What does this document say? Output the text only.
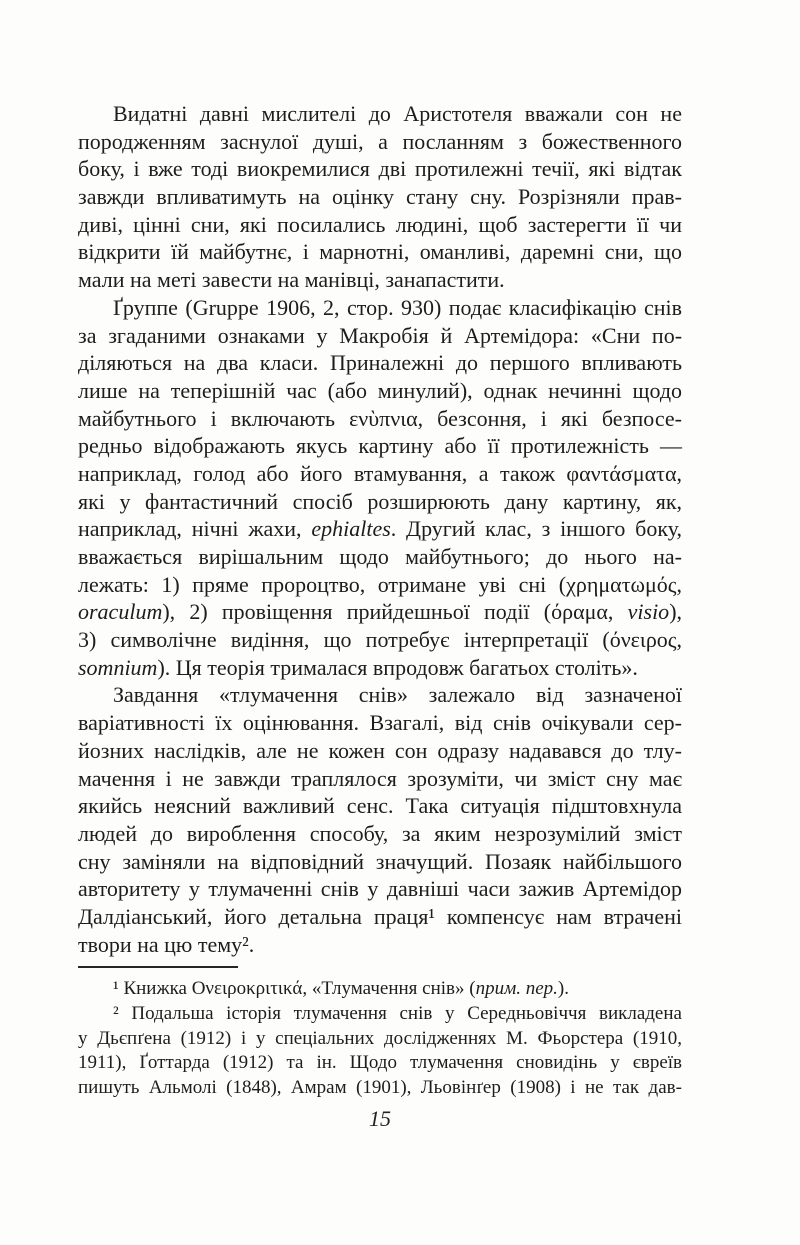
Видатні давні мислителі до Аристотеля вважали сон не
породженням заснулої душі, а посланням з божественного
боку, і вже тоді виокремилися дві протилежні течії, які відтак
завжди впливатимуть на оцінку стану сну. Розрізняли прав-
диві, цінні сни, які посилались людині, щоб застерегти її чи
відкрити їй майбутнє, і марнотні, оманливі, даремні сни, що
мали на меті завести на манівці, занапастити.
Ґруппе (Gruppe 1906, 2, стор. 930) подає класифікацію снів
за згаданими ознаками у Макробія й Артемідора: «Сни по-
діляються на два класи. Приналежні до першого впливають
лише на теперішній час (або минулий), однак нечинні щодо
майбутнього і включають ενὺπνια, безсоння, і які безпосе-
редньо відображають якусь картину або її протилежність —
наприклад, голод або його втамування, а також φαντάσματα,
які у фантастичний спосіб розширюють дану картину, як,
наприклад, нічні жахи, ephialtes. Другий клас, з іншого боку,
вважається вирішальним щодо майбутнього; до нього на-
лежать: 1) пряме пророцтво, отримане уві сні (χρηματωμός,
oraculum), 2) провіщення прийдешньої події (όραμα, visio),
3) символічне видіння, що потребує інтерпретації (όνειρος,
somnium). Ця теорія трималася впродовж багатьох століть».
Завдання «тлумачення снів» залежало від зазначеної
варіативності їх оцінювання. Взагалі, від снів очікували сер-
йозних наслідків, але не кожен сон одразу надавався до тлу-
мачення і не завжди траплялося зрозуміти, чи зміст сну має
якийсь неясний важливий сенс. Така ситуація підштовхнула
людей до вироблення способу, за яким незрозумілий зміст
сну заміняли на відповідний значущий. Позаяк найбільшого
авторитету у тлумаченні снів у давніші часи зажив Артемідор
Далдіанський, його детальна праця¹ компенсує нам втрачені
твори на цю тему².
¹ Книжка Ονειροκριτικά, «Тлумачення снів» (прим. пер.).
² Подальша історія тлумачення снів у Середньовіччя викладена
у Дьєпґена (1912) і у спеціальних дослідженнях М. Фьорстера (1910,
1911), Ґоттарда (1912) та ін. Щодо тлумачення сновидінь у євреїв
пишуть Альмолі (1848), Амрам (1901), Льовінґер (1908) і не так дав-
15
